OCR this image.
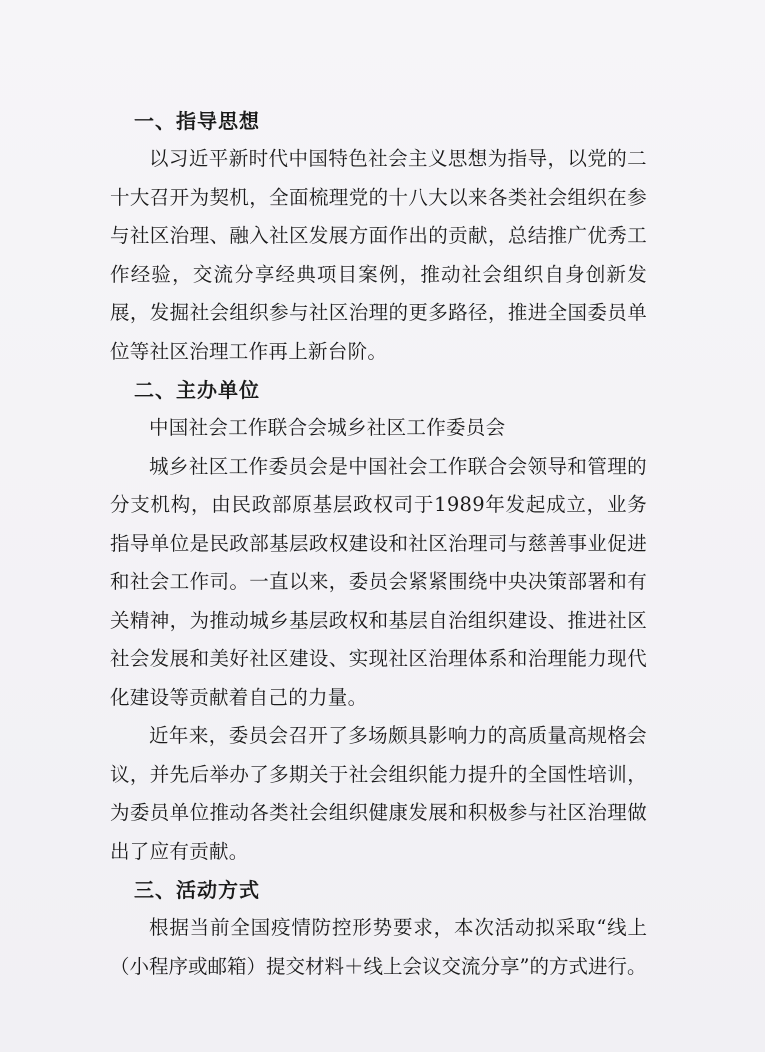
一、指导思想

以习近平新时代中国特色社会主义思想为指导，以党的二十大召开为契机，全面梳理党的十八大以来各类社会组织在参与社区治理、融入社区发展方面作出的贡献，总结推广优秀工作经验，交流分享经典项目案例，推动社会组织自身创新发展，发掘社会组织参与社区治理的更多路径，推进全国委员单位等社区治理工作再上新台阶。

二、主办单位

中国社会工作联合会城乡社区工作委员会

城乡社区工作委员会是中国社会工作联合会领导和管理的分支机构，由民政部原基层政权司于1989年发起成立，业务指导单位是民政部基层政权建设和社区治理司与慈善事业促进和社会工作司。一直以来，委员会紧紧围绕中央决策部署和有关精神，为推动城乡基层政权和基层自治组织建设、推进社区社会发展和美好社区建设、实现社区治理体系和治理能力现代化建设等贡献着自己的力量。

近年来，委员会召开了多场颇具影响力的高质量高规格会议，并先后举办了多期关于社会组织能力提升的全国性培训，为委员单位推动各类社会组织健康发展和积极参与社区治理做出了应有贡献。

三、活动方式

根据当前全国疫情防控形势要求，本次活动拟采取“线上（小程序或邮箱）提交材料＋线上会议交流分享”的方式进行。
